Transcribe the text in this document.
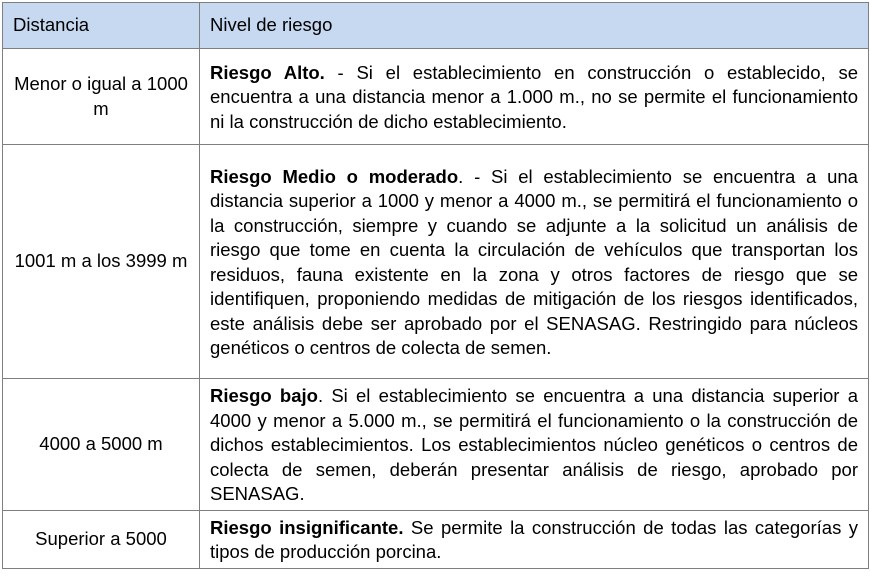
Distancia	Nivel de riesgo
Menor o igual a 1000 m	Riesgo Alto. - Si el establecimiento en construcción o establecido, se encuentra a una distancia menor a 1.000 m., no se permite el funcionamiento ni la construcción de dicho establecimiento.
1001 m a los 3999 m	Riesgo Medio o moderado. - Si el establecimiento se encuentra a una distancia superior a 1000 y menor a 4000 m., se permitirá el funcionamiento o la construcción, siempre y cuando se adjunte a la solicitud un análisis de riesgo que tome en cuenta la circulación de vehículos que transportan los residuos, fauna existente en la zona y otros factores de riesgo que se identifiquen, proponiendo medidas de mitigación de los riesgos identificados, este análisis debe ser aprobado por el SENASAG. Restringido para núcleos genéticos o centros de colecta de semen.
4000 a 5000 m	Riesgo bajo. Si el establecimiento se encuentra a una distancia superior a 4000 y menor a 5.000 m., se permitirá el funcionamiento o la construcción de dichos establecimientos. Los establecimientos núcleo genéticos o centros de colecta de semen, deberán presentar análisis de riesgo, aprobado por SENASAG.
Superior a 5000	Riesgo insignificante. Se permite la construcción de todas las categorías y tipos de producción porcina.
